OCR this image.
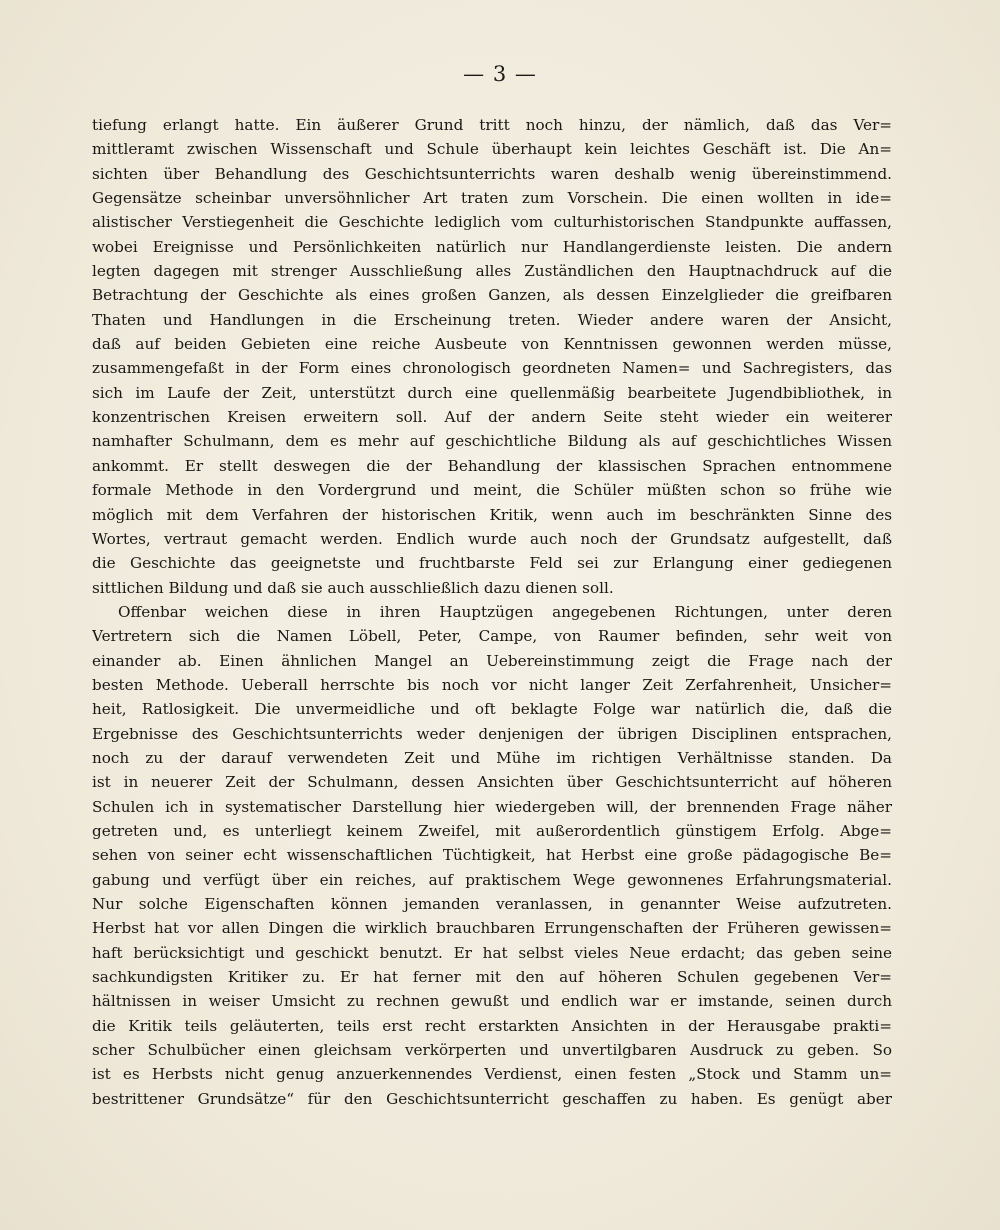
— 3 —
tiefung erlangt hatte. Ein äußerer Grund tritt noch hinzu, der nämlich, daß das Ver=
mittleramt zwischen Wissenschaft und Schule überhaupt kein leichtes Geschäft ist. Die An=
sichten über Behandlung des Geschichtsunterrichts waren deshalb wenig übereinstimmend.
Gegensätze scheinbar unversöhnlicher Art traten zum Vorschein. Die einen wollten in ide=
alistischer Verstiegenheit die Geschichte lediglich vom culturhistorischen Standpunkte auffassen,
wobei Ereignisse und Persönlichkeiten natürlich nur Handlangerdienste leisten. Die andern
legten dagegen mit strenger Ausschließung alles Zuständlichen den Hauptnachdruck auf die
Betrachtung der Geschichte als eines großen Ganzen, als dessen Einzelglieder die greifbaren
Thaten und Handlungen in die Erscheinung treten. Wieder andere waren der Ansicht,
daß auf beiden Gebieten eine reiche Ausbeute von Kenntnissen gewonnen werden müsse,
zusammengefaßt in der Form eines chronologisch geordneten Namen= und Sachregisters, das
sich im Laufe der Zeit, unterstützt durch eine quellenmäßig bearbeitete Jugendbibliothek, in
konzentrischen Kreisen erweitern soll. Auf der andern Seite steht wieder ein weiterer
namhafter Schulmann, dem es mehr auf geschichtliche Bildung als auf geschichtliches Wissen
ankommt. Er stellt deswegen die der Behandlung der klassischen Sprachen entnommene
formale Methode in den Vordergrund und meint, die Schüler müßten schon so frühe wie
möglich mit dem Verfahren der historischen Kritik, wenn auch im beschränkten Sinne des
Wortes, vertraut gemacht werden. Endlich wurde auch noch der Grundsatz aufgestellt, daß
die Geschichte das geeignetste und fruchtbarste Feld sei zur Erlangung einer gediegenen
sittlichen Bildung und daß sie auch ausschließlich dazu dienen soll.
Offenbar weichen diese in ihren Hauptzügen angegebenen Richtungen, unter deren
Vertretern sich die Namen Löbell, Peter, Campe, von Raumer befinden, sehr weit von
einander ab. Einen ähnlichen Mangel an Uebereinstimmung zeigt die Frage nach der
besten Methode. Ueberall herrschte bis noch vor nicht langer Zeit Zerfahrenheit, Unsicher=
heit, Ratlosigkeit. Die unvermeidliche und oft beklagte Folge war natürlich die, daß die
Ergebnisse des Geschichtsunterrichts weder denjenigen der übrigen Disciplinen entsprachen,
noch zu der darauf verwendeten Zeit und Mühe im richtigen Verhältnisse standen. Da
ist in neuerer Zeit der Schulmann, dessen Ansichten über Geschichtsunterricht auf höheren
Schulen ich in systematischer Darstellung hier wiedergeben will, der brennenden Frage näher
getreten und, es unterliegt keinem Zweifel, mit außerordentlich günstigem Erfolg. Abge=
sehen von seiner echt wissenschaftlichen Tüchtigkeit, hat Herbst eine große pädagogische Be=
gabung und verfügt über ein reiches, auf praktischem Wege gewonnenes Erfahrungsmaterial.
Nur solche Eigenschaften können jemanden veranlassen, in genannter Weise aufzutreten.
Herbst hat vor allen Dingen die wirklich brauchbaren Errungenschaften der Früheren gewissen=
haft berücksichtigt und geschickt benutzt. Er hat selbst vieles Neue erdacht; das geben seine
sachkundigsten Kritiker zu. Er hat ferner mit den auf höheren Schulen gegebenen Ver=
hältnissen in weiser Umsicht zu rechnen gewußt und endlich war er imstande, seinen durch
die Kritik teils geläuterten, teils erst recht erstarkten Ansichten in der Herausgabe prakti=
scher Schulbücher einen gleichsam verkörperten und unvertilgbaren Ausdruck zu geben. So
ist es Herbsts nicht genug anzuerkennendes Verdienst, einen festen „Stock und Stamm un=
bestrittener Grundsätze“ für den Geschichtsunterricht geschaffen zu haben. Es genügt aber
